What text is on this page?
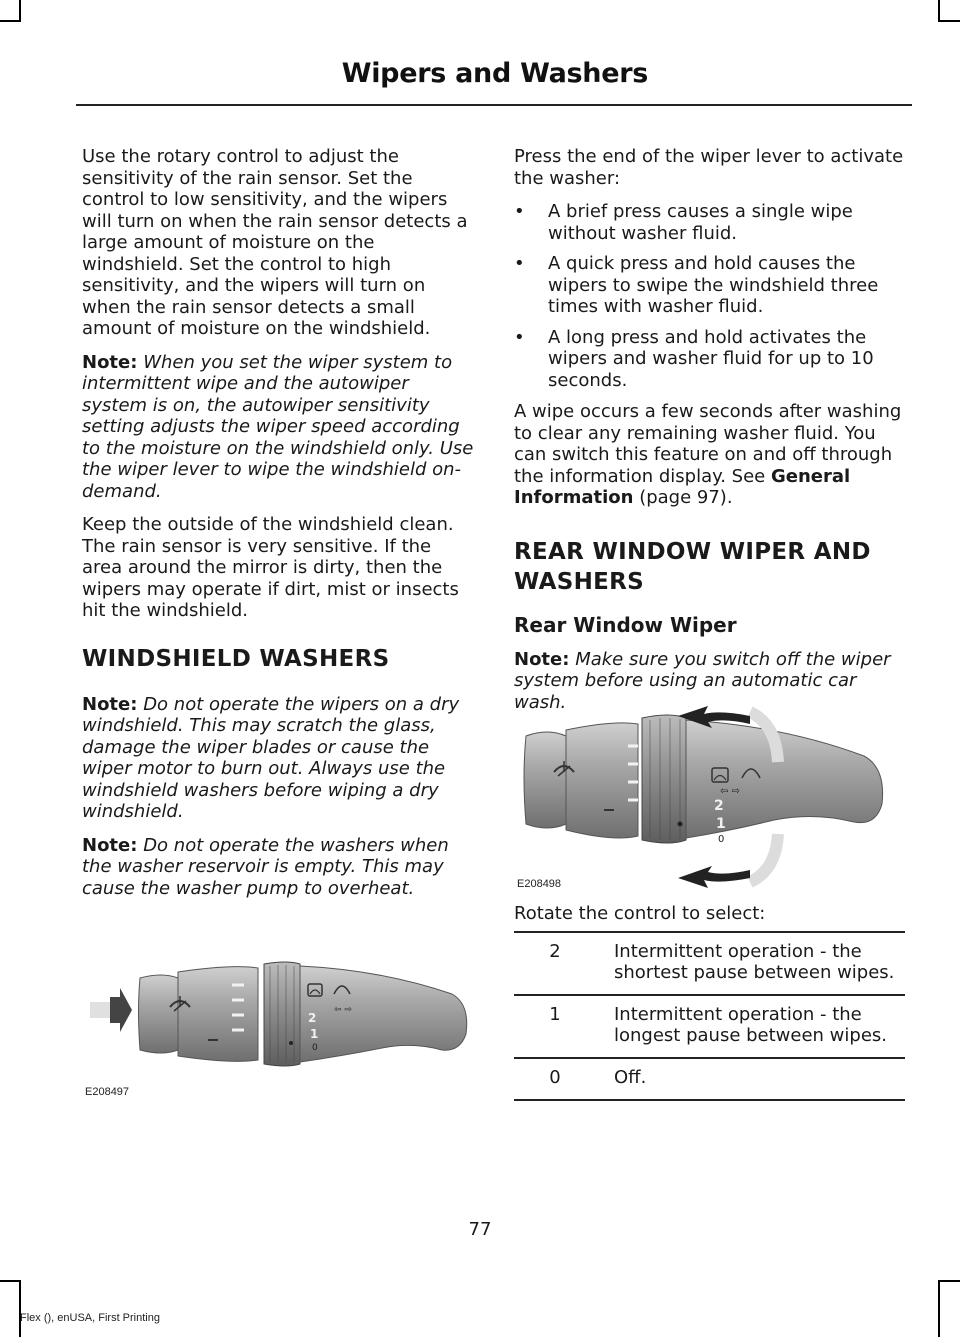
Wipers and Washers

Use the rotary control to adjust the sensitivity of the rain sensor. Set the control to low sensitivity, and the wipers will turn on when the rain sensor detects a large amount of moisture on the windshield. Set the control to high sensitivity, and the wipers will turn on when the rain sensor detects a small amount of moisture on the windshield.

Note: When you set the wiper system to intermittent wipe and the autowiper system is on, the autowiper sensitivity setting adjusts the wiper speed according to the moisture on the windshield only. Use the wiper lever to wipe the windshield on-demand.

Keep the outside of the windshield clean. The rain sensor is very sensitive. If the area around the mirror is dirty, then the wipers may operate if dirt, mist or insects hit the windshield.

WINDSHIELD WASHERS

Note: Do not operate the wipers on a dry windshield. This may scratch the glass, damage the wiper blades or cause the wiper motor to burn out. Always use the windshield washers before wiping a dry windshield.

Note: Do not operate the washers when the washer reservoir is empty. This may cause the washer pump to overheat.

⇦ ⇨
2
1
0
E208497

Press the end of the wiper lever to activate the washer:

• A brief press causes a single wipe without washer fluid.
• A quick press and hold causes the wipers to swipe the windshield three times with washer fluid.
• A long press and hold activates the wipers and washer fluid for up to 10 seconds.

A wipe occurs a few seconds after washing to clear any remaining washer fluid. You can switch this feature on and off through the information display. See General Information (page 97).

REAR WINDOW WIPER AND WASHERS
Rear Window Wiper

Note: Make sure you switch off the wiper system before using an automatic car wash.

⇦ ⇨
2
1
0
E208498

Rotate the control to select:

2	Intermittent operation - the shortest pause between wipes.
1	Intermittent operation - the longest pause between wipes.
0	Off.
77
Flex (), enUSA, First Printing
